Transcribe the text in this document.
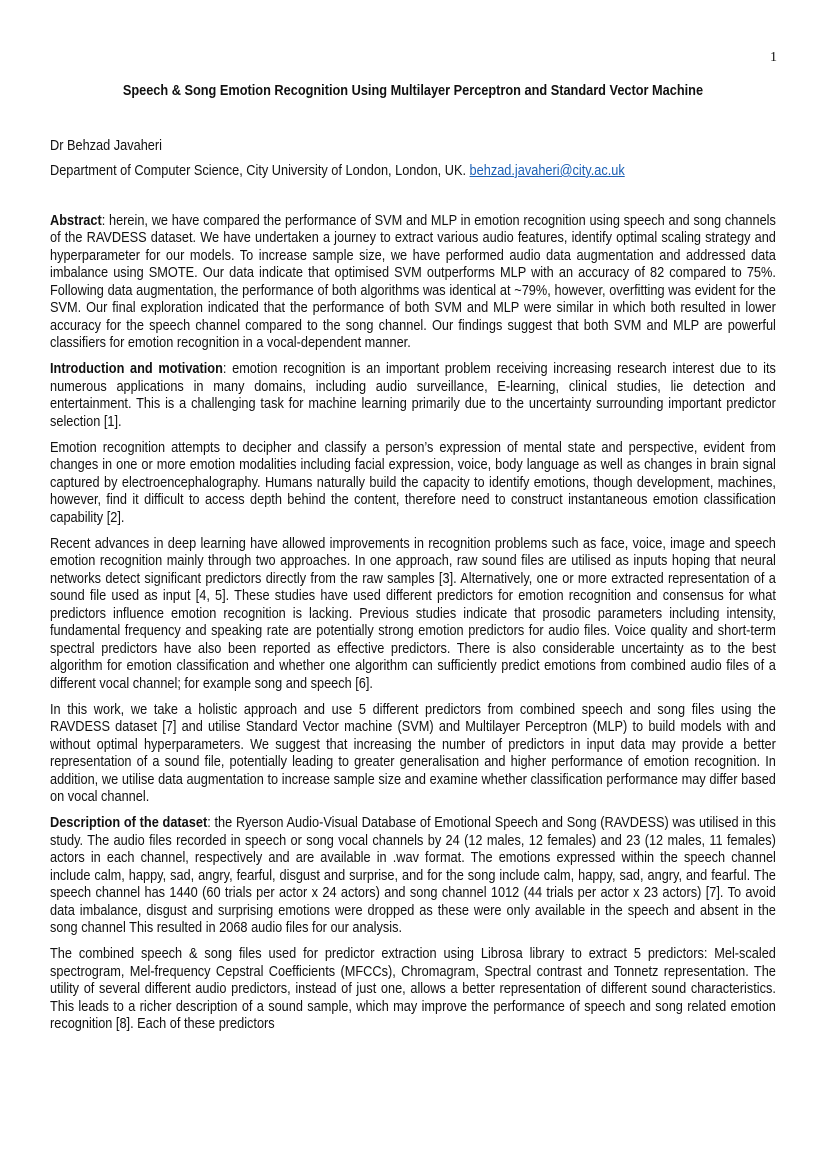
1
Speech & Song Emotion Recognition Using Multilayer Perceptron and Standard Vector Machine
Dr Behzad Javaheri
Department of Computer Science, City University of London, London, UK. behzad.javaheri@city.ac.uk

Abstract: herein, we have compared the performance of SVM and MLP in emotion recognition using speech and song channels of the RAVDESS dataset. We have undertaken a journey to extract various audio features, identify optimal scaling strategy and hyperparameter for our models. To increase sample size, we have performed audio data augmentation and addressed data imbalance using SMOTE. Our data indicate that optimised SVM outperforms MLP with an accuracy of 82 compared to 75%. Following data augmentation, the performance of both algorithms was identical at ~79%, however, overfitting was evident for the SVM. Our final exploration indicated that the performance of both SVM and MLP were similar in which both resulted in lower accuracy for the speech channel compared to the song channel. Our findings suggest that both SVM and MLP are powerful classifiers for emotion recognition in a vocal-dependent manner.

Introduction and motivation: emotion recognition is an important problem receiving increasing research interest due to its numerous applications in many domains, including audio surveillance, E-learning, clinical studies, lie detection and entertainment. This is a challenging task for machine learning primarily due to the uncertainty surrounding important predictor selection [1].

Emotion recognition attempts to decipher and classify a person’s expression of mental state and perspective, evident from changes in one or more emotion modalities including facial expression, voice, body language as well as changes in brain signal captured by electroencephalography. Humans naturally build the capacity to identify emotions, though development, machines, however, find it difficult to access depth behind the content, therefore need to construct instantaneous emotion classification capability [2].

Recent advances in deep learning have allowed improvements in recognition problems such as face, voice, image and speech emotion recognition mainly through two approaches. In one approach, raw sound files are utilised as inputs hoping that neural networks detect significant predictors directly from the raw samples [3]. Alternatively, one or more extracted representation of a sound file used as input [4, 5]. These studies have used different predictors for emotion recognition and consensus for what predictors influence emotion recognition is lacking. Previous studies indicate that prosodic parameters including intensity, fundamental frequency and speaking rate are potentially strong emotion predictors for audio files. Voice quality and short-term spectral predictors have also been reported as effective predictors. There is also considerable uncertainty as to the best algorithm for emotion classification and whether one algorithm can sufficiently predict emotions from combined audio files of a different vocal channel; for example song and speech [6].

In this work, we take a holistic approach and use 5 different predictors from combined speech and song files using the RAVDESS dataset [7] and utilise Standard Vector machine (SVM) and Multilayer Perceptron (MLP) to build models with and without optimal hyperparameters. We suggest that increasing the number of predictors in input data may provide a better representation of a sound file, potentially leading to greater generalisation and higher performance of emotion recognition. In addition, we utilise data augmentation to increase sample size and examine whether classification performance may differ based on vocal channel.

Description of the dataset: the Ryerson Audio-Visual Database of Emotional Speech and Song (RAVDESS) was utilised in this study. The audio files recorded in speech or song vocal channels by 24 (12 males, 12 females) and 23 (12 males, 11 females) actors in each channel, respectively and are available in .wav format. The emotions expressed within the speech channel include calm, happy, sad, angry, fearful, disgust and surprise, and for the song include calm, happy, sad, angry, and fearful. The speech channel has 1440 (60 trials per actor x 24 actors) and song channel 1012 (44 trials per actor x 23 actors) [7]. To avoid data imbalance, disgust and surprising emotions were dropped as these were only available in the speech and absent in the song channel This resulted in 2068 audio files for our analysis.

The combined speech & song files used for predictor extraction using Librosa library to extract 5 predictors: Mel-scaled spectrogram, Mel-frequency Cepstral Coefficients (MFCCs), Chromagram, Spectral contrast and Tonnetz representation. The utility of several different audio predictors, instead of just one, allows a better representation of different sound characteristics. This leads to a richer description of a sound sample, which may improve the performance of speech and song related emotion recognition [8]. Each of these predictors
